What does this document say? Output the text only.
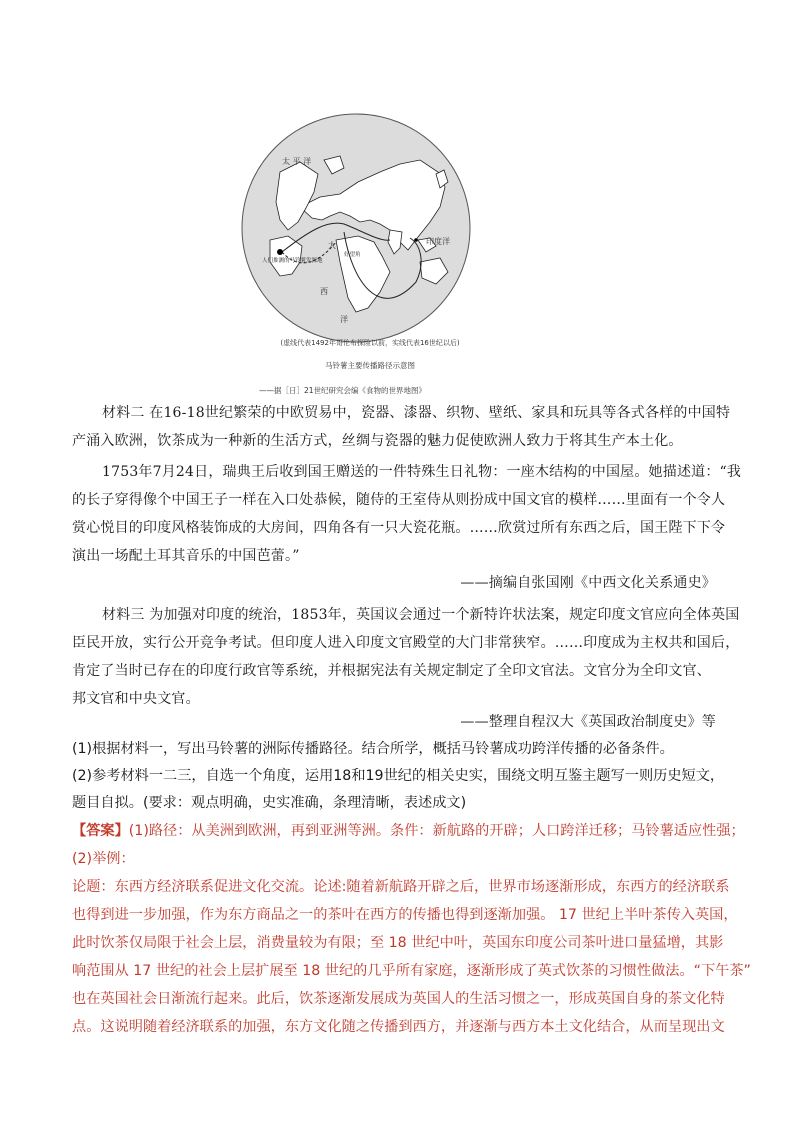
太 平 洋
印度洋
大
西
洋
人们推测的马铃薯发源地
好望角
(虚线代表1492年哥伦布探险以前，实线代表16世纪以后)
马铃薯主要传播路径示意图
——据［日］21世纪研究会编《食物的世界地图》
材料二 在16-18世纪繁荣的中欧贸易中，瓷器、漆器、织物、壁纸、家具和玩具等各式各样的中国特
产涌入欧洲，饮茶成为一种新的生活方式，丝绸与瓷器的魅力促使欧洲人致力于将其生产本土化。
1753年7月24日，瑞典王后收到国王赠送的一件特殊生日礼物：一座木结构的中国屋。她描述道：“我
的长子穿得像个中国王子一样在入口处恭候，随侍的王室侍从则扮成中国文官的模样……里面有一个令人
赏心悦目的印度风格装饰成的大房间，四角各有一只大瓷花瓶。……欣赏过所有东西之后，国王陛下下令
演出一场配土耳其音乐的中国芭蕾。”
——摘编自张国刚《中西文化关系通史》
材料三 为加强对印度的统治，1853年，英国议会通过一个新特许状法案，规定印度文官应向全体英国
臣民开放，实行公开竞争考试。但印度人进入印度文官殿堂的大门非常狭窄。……印度成为主权共和国后，
肯定了当时已存在的印度行政官等系统，并根据宪法有关规定制定了全印文官法。文官分为全印文官、
邦文官和中央文官。
——整理自程汉大《英国政治制度史》等
(1)根据材料一，写出马铃薯的洲际传播路径。结合所学，概括马铃薯成功跨洋传播的必备条件。
(2)参考材料一二三，自选一个角度，运用18和19世纪的相关史实，围绕文明互鉴主题写一则历史短文，
题目自拟。(要求：观点明确，史实准确，条理清晰，表述成文)
【答案】(1)路径：从美洲到欧洲，再到亚洲等洲。条件：新航路的开辟；人口跨洋迁移；马铃薯适应性强；
(2)举例：
论题：东西方经济联系促进文化交流。论述:随着新航路开辟之后，世界市场逐渐形成，东西方的经济联系
也得到进一步加强，作为东方商品之一的茶叶在西方的传播也得到逐渐加强。 17 世纪上半叶茶传入英国，
此时饮茶仅局限于社会上层，消费量较为有限；至 18 世纪中叶，英国东印度公司茶叶进口量猛增，其影
响范围从 17 世纪的社会上层扩展至 18 世纪的几乎所有家庭，逐渐形成了英式饮茶的习惯性做法。“下午茶”
也在英国社会日渐流行起来。此后，饮茶逐渐发展成为英国人的生活习惯之一，形成英国自身的茶文化特
点。这说明随着经济联系的加强，东方文化随之传播到西方，并逐渐与西方本土文化结合，从而呈现出文
